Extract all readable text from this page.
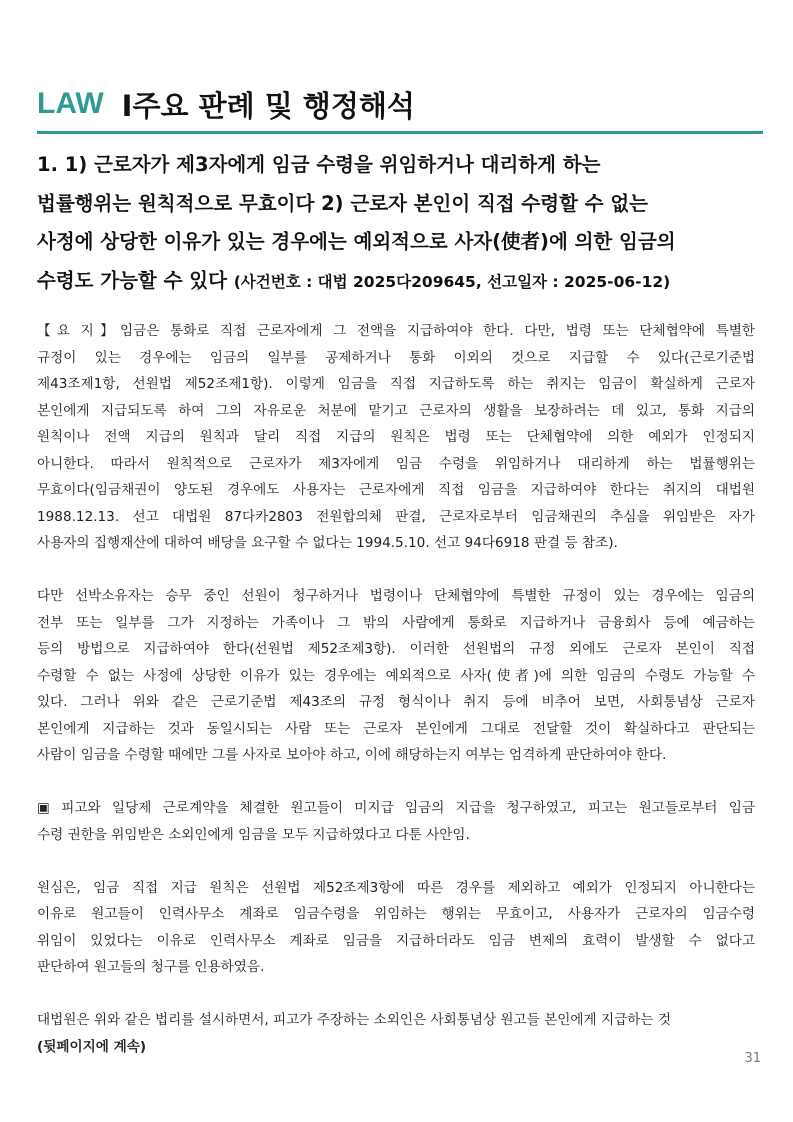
LAW Ⅰ주요 판례 및 행정해석
1. 1) 근로자가 제3자에게 임금 수령을 위임하거나 대리하게 하는
법률행위는 원칙적으로 무효이다 2) 근로자 본인이 직접 수령할 수 없는
사정에 상당한 이유가 있는 경우에는 예외적으로 사자(使者)에 의한 임금의
수령도 가능할 수 있다 (사건번호 : 대법 2025다209645, 선고일자 : 2025-06-12)

【요 지】임금은 통화로 직접 근로자에게 그 전액을 지급하여야 한다. 다만, 법령 또는 단체협약에 특별한
규정이 있는 경우에는 임금의 일부를 공제하거나 통화 이외의 것으로 지급할 수 있다(근로기준법
제43조제1항, 선원법 제52조제1항). 이렇게 임금을 직접 지급하도록 하는 취지는 임금이 확실하게 근로자
본인에게 지급되도록 하여 그의 자유로운 처분에 맡기고 근로자의 생활을 보장하려는 데 있고, 통화 지급의
원칙이나 전액 지급의 원칙과 달리 직접 지급의 원칙은 법령 또는 단체협약에 의한 예외가 인정되지
아니한다. 따라서 원칙적으로 근로자가 제3자에게 임금 수령을 위임하거나 대리하게 하는 법률행위는
무효이다(임금채권이 양도된 경우에도 사용자는 근로자에게 직접 임금을 지급하여야 한다는 취지의 대법원
1988.12.13. 선고 대법원 87다카2803 전원합의체 판결, 근로자로부터 임금채권의 추심을 위임받은 자가
사용자의 집행재산에 대하여 배당을 요구할 수 없다는 1994.5.10. 선고 94다6918 판결 등 참조).

다만 선박소유자는 승무 중인 선원이 청구하거나 법령이나 단체협약에 특별한 규정이 있는 경우에는 임금의
전부 또는 일부를 그가 지정하는 가족이나 그 밖의 사람에게 통화로 지급하거나 금융회사 등에 예금하는
등의 방법으로 지급하여야 한다(선원법 제52조제3항). 이러한 선원법의 규정 외에도 근로자 본인이 직접
수령할 수 없는 사정에 상당한 이유가 있는 경우에는 예외적으로 사자(使者)에 의한 임금의 수령도 가능할 수
있다. 그러나 위와 같은 근로기준법 제43조의 규정 형식이나 취지 등에 비추어 보면, 사회통념상 근로자
본인에게 지급하는 것과 동일시되는 사람 또는 근로자 본인에게 그대로 전달할 것이 확실하다고 판단되는
사람이 임금을 수령할 때에만 그를 사자로 보아야 하고, 이에 해당하는지 여부는 엄격하게 판단하여야 한다.

▣ 피고와 일당제 근로계약을 체결한 원고들이 미지급 임금의 지급을 청구하였고, 피고는 원고들로부터 임금
수령 권한을 위임받은 소외인에게 임금을 모두 지급하였다고 다툰 사안임.

원심은, 임금 직접 지급 원칙은 선원법 제52조제3항에 따른 경우를 제외하고 예외가 인정되지 아니한다는
이유로 원고들이 인력사무소 계좌로 임금수령을 위임하는 행위는 무효이고, 사용자가 근로자의 임금수령
위임이 있었다는 이유로 인력사무소 계좌로 임금을 지급하더라도 임금 변제의 효력이 발생할 수 없다고
판단하여 원고들의 청구를 인용하였음.

대법원은 위와 같은 법리를 설시하면서, 피고가 주장하는 소외인은 사회통념상 원고들 본인에게 지급하는 것
(뒷페이지에 계속)

31
